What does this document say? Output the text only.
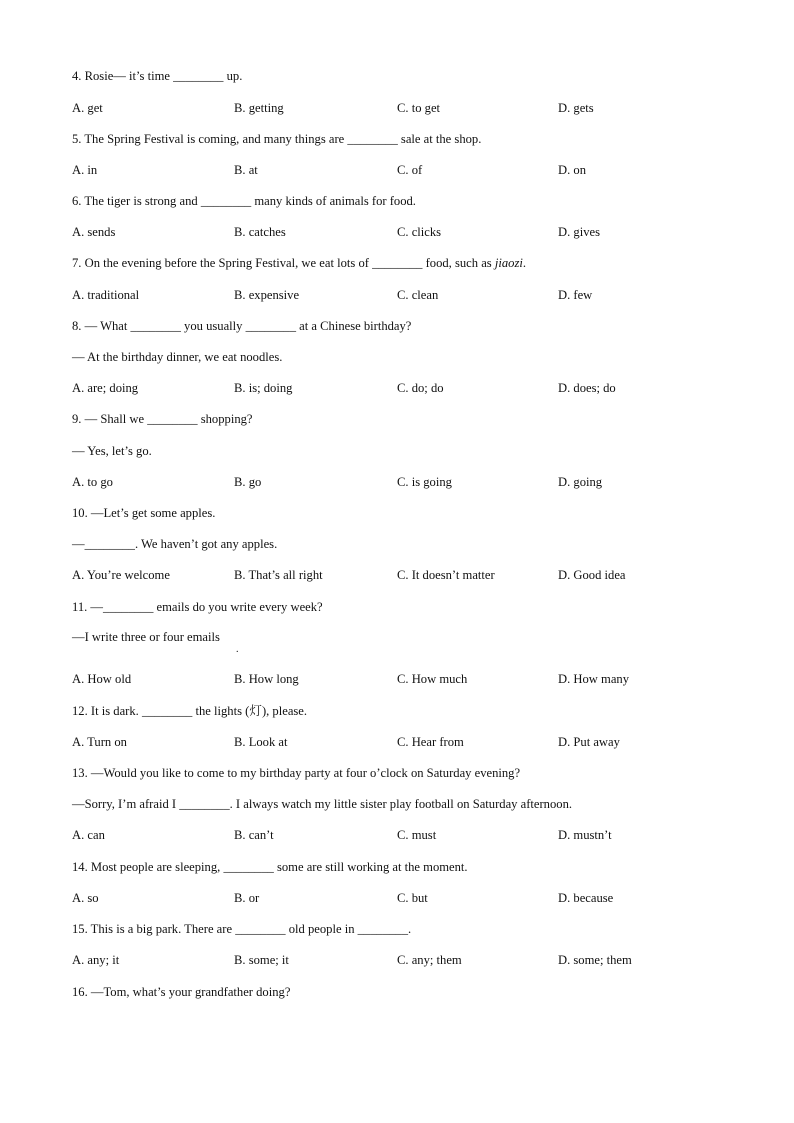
4. Rosie— it’s time ________ up.
A. get	B. getting	C. to get	D. gets
5. The Spring Festival is coming, and many things are ________ sale at the shop.
A. in	B. at	C. of	D. on
6. The tiger is strong and ________ many kinds of animals for food.
A. sends	B. catches	C. clicks	D. gives
7. On the evening before the Spring Festival, we eat lots of ________ food, such as jiaozi.
A. traditional	B. expensive	C. clean	D. few
8. — What ________ you usually ________ at a Chinese birthday?
— At the birthday dinner, we eat noodles.
A. are; doing	B. is; doing	C. do; do	D. does; do
9. — Shall we ________ shopping?
— Yes, let’s go.
A. to go	B. go	C. is going	D. going
10. —Let’s get some apples.
—________. We haven’t got any apples.
A. You’re welcome	B. That’s all right	C. It doesn’t matter	D. Good idea
11. —________ emails do you write every week?
—I write three or four emails
.
A. How old	B. How long	C. How much	D. How many
12. It is dark. ________ the lights (灯), please.
A. Turn on	B. Look at	C. Hear from	D. Put away
13. —Would you like to come to my birthday party at four o’clock on Saturday evening?
—Sorry, I’m afraid I ________. I always watch my little sister play football on Saturday afternoon.
A. can	B. can’t	C. must	D. mustn’t
14. Most people are sleeping, ________ some are still working at the moment.
A. so	B. or	C. but	D. because
15. This is a big park. There are ________ old people in ________.
A. any; it	B. some; it	C. any; them	D. some; them
16. —Tom, what’s your grandfather doing?
